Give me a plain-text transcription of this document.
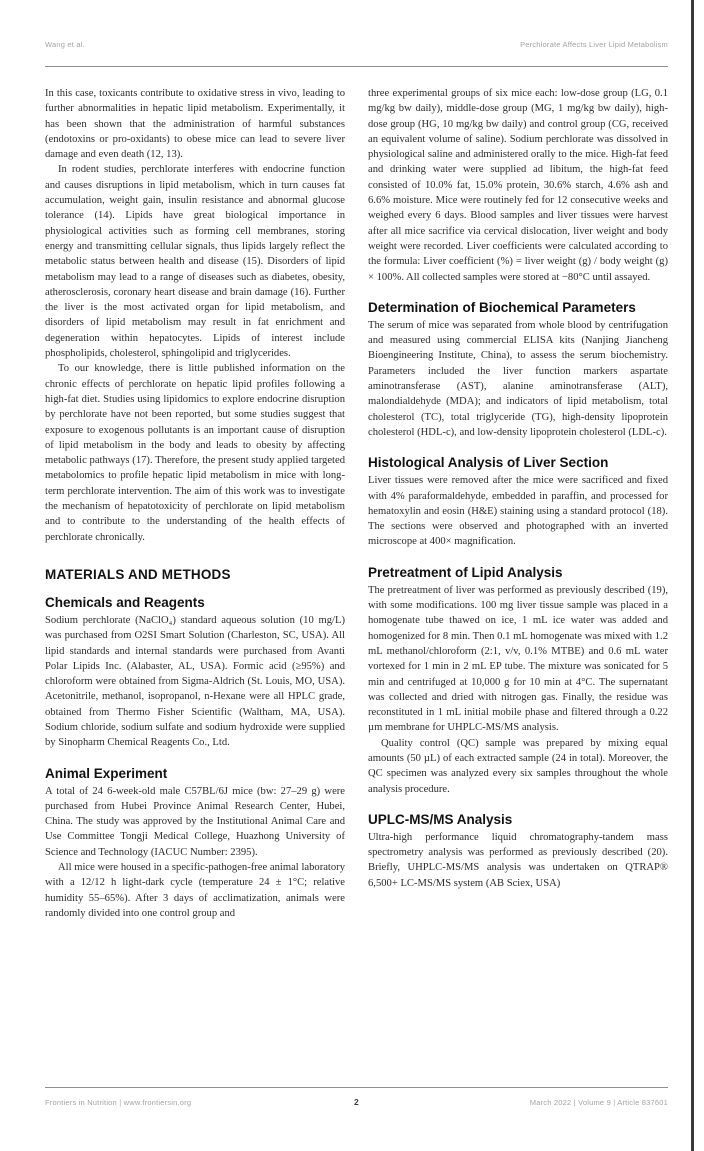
Wang et al.	Perchlorate Affects Liver Lipid Metabolism

In this case, toxicants contribute to oxidative stress in vivo, leading to further abnormalities in hepatic lipid metabolism. Experimentally, it has been shown that the administration of harmful substances (endotoxins or pro-oxidants) to obese mice can lead to severe liver damage and even death (12, 13).

In rodent studies, perchlorate interferes with endocrine function and causes disruptions in lipid metabolism, which in turn causes fat accumulation, weight gain, insulin resistance and abnormal glucose tolerance (14). Lipids have great biological importance in physiological activities such as forming cell membranes, storing energy and transmitting cellular signals, thus lipids largely reflect the metabolic status between health and disease (15). Disorders of lipid metabolism may lead to a range of diseases such as diabetes, obesity, atherosclerosis, coronary heart disease and brain damage (16). Further the liver is the most activated organ for lipid metabolism, and disorders of lipid metabolism may result in fat enrichment and degeneration within hepatocytes. Lipids of interest include phospholipids, cholesterol, sphingolipid and triglycerides.

To our knowledge, there is little published information on the chronic effects of perchlorate on hepatic lipid profiles following a high-fat diet. Studies using lipidomics to explore endocrine disruption by perchlorate have not been reported, but some studies suggest that exposure to exogenous pollutants is an important cause of disruption of lipid metabolism in the body and leads to obesity by affecting metabolic pathways (17). Therefore, the present study applied targeted metabolomics to profile hepatic lipid metabolism in mice with long-term perchlorate intervention. The aim of this work was to investigate the mechanism of hepatotoxicity of perchlorate on lipid metabolism and to contribute to the understanding of the health effects of perchlorate chronically.

MATERIALS AND METHODS
Chemicals and Reagents

Sodium perchlorate (NaClO₄) standard aqueous solution (10 mg/L) was purchased from O2SI Smart Solution (Charleston, SC, USA). All lipid standards and internal standards were purchased from Avanti Polar Lipids Inc. (Alabaster, AL, USA). Formic acid (≥95%) and chloroform were obtained from Sigma-Aldrich (St. Louis, MO, USA). Acetonitrile, methanol, isopropanol, n-Hexane were all HPLC grade, obtained from Thermo Fisher Scientific (Waltham, MA, USA). Sodium chloride, sodium sulfate and sodium hydroxide were supplied by Sinopharm Chemical Reagents Co., Ltd.

Animal Experiment

A total of 24 6-week-old male C57BL/6J mice (bw: 27–29 g) were purchased from Hubei Province Animal Research Center, Hubei, China. The study was approved by the Institutional Animal Care and Use Committee Tongji Medical College, Huazhong University of Science and Technology (IACUC Number: 2395).

All mice were housed in a specific-pathogen-free animal laboratory with a 12/12 h light-dark cycle (temperature 24 ± 1°C; relative humidity 55–65%). After 3 days of acclimatization, animals were randomly divided into one control group and

three experimental groups of six mice each: low-dose group (LG, 0.1 mg/kg bw daily), middle-dose group (MG, 1 mg/kg bw daily), high-dose group (HG, 10 mg/kg bw daily) and control group (CG, received an equivalent volume of saline). Sodium perchlorate was dissolved in physiological saline and administered orally to the mice. High-fat feed and drinking water were supplied ad libitum, the high-fat feed consisted of 10.0% fat, 15.0% protein, 30.6% starch, 4.6% ash and 6.6% moisture. Mice were routinely fed for 12 consecutive weeks and weighed every 6 days. Blood samples and liver tissues were harvest after all mice sacrifice via cervical dislocation, liver weight and body weight were recorded. Liver coefficients were calculated according to the formula: Liver coefficient (%) = liver weight (g) / body weight (g) × 100%. All collected samples were stored at −80°C until assayed.

Determination of Biochemical Parameters

The serum of mice was separated from whole blood by centrifugation and measured using commercial ELISA kits (Nanjing Jiancheng Bioengineering Institute, China), to assess the serum biochemistry. Parameters included the liver function markers aspartate aminotransferase (AST), alanine aminotransferase (ALT), malondialdehyde (MDA); and indicators of lipid metabolism, total cholesterol (TC), total triglyceride (TG), high-density lipoprotein cholesterol (HDL-c), and low-density lipoprotein cholesterol (LDL-c).

Histological Analysis of Liver Section

Liver tissues were removed after the mice were sacrificed and fixed with 4% paraformaldehyde, embedded in paraffin, and processed for hematoxylin and eosin (H&E) staining using a standard protocol (18). The sections were observed and photographed with an inverted microscope at 400× magnification.

Pretreatment of Lipid Analysis

The pretreatment of liver was performed as previously described (19), with some modifications. 100 mg liver tissue sample was placed in a homogenate tube thawed on ice, 1 mL ice water was added and homogenized for 8 min. Then 0.1 mL homogenate was mixed with 1.2 mL methanol/chloroform (2:1, v/v, 0.1% MTBE) and 0.6 mL water vortexed for 1 min in 2 mL EP tube. The mixture was sonicated for 5 min and centrifuged at 10,000 g for 10 min at 4°C. The supernatant was collected and dried with nitrogen gas. Finally, the residue was reconstituted in 1 mL initial mobile phase and filtered through a 0.22 µm membrane for UHPLC-MS/MS analysis.

Quality control (QC) sample was prepared by mixing equal amounts (50 µL) of each extracted sample (24 in total). Moreover, the QC specimen was analyzed every six samples throughout the whole analysis procedure.

UPLC-MS/MS Analysis

Ultra-high performance liquid chromatography-tandem mass spectrometry analysis was performed as previously described (20). Briefly, UHPLC-MS/MS analysis was undertaken on QTRAP® 6,500+ LC-MS/MS system (AB Sciex, USA)

Frontiers in Nutrition | www.frontiersin.org	2	March 2022 | Volume 9 | Article 837601
